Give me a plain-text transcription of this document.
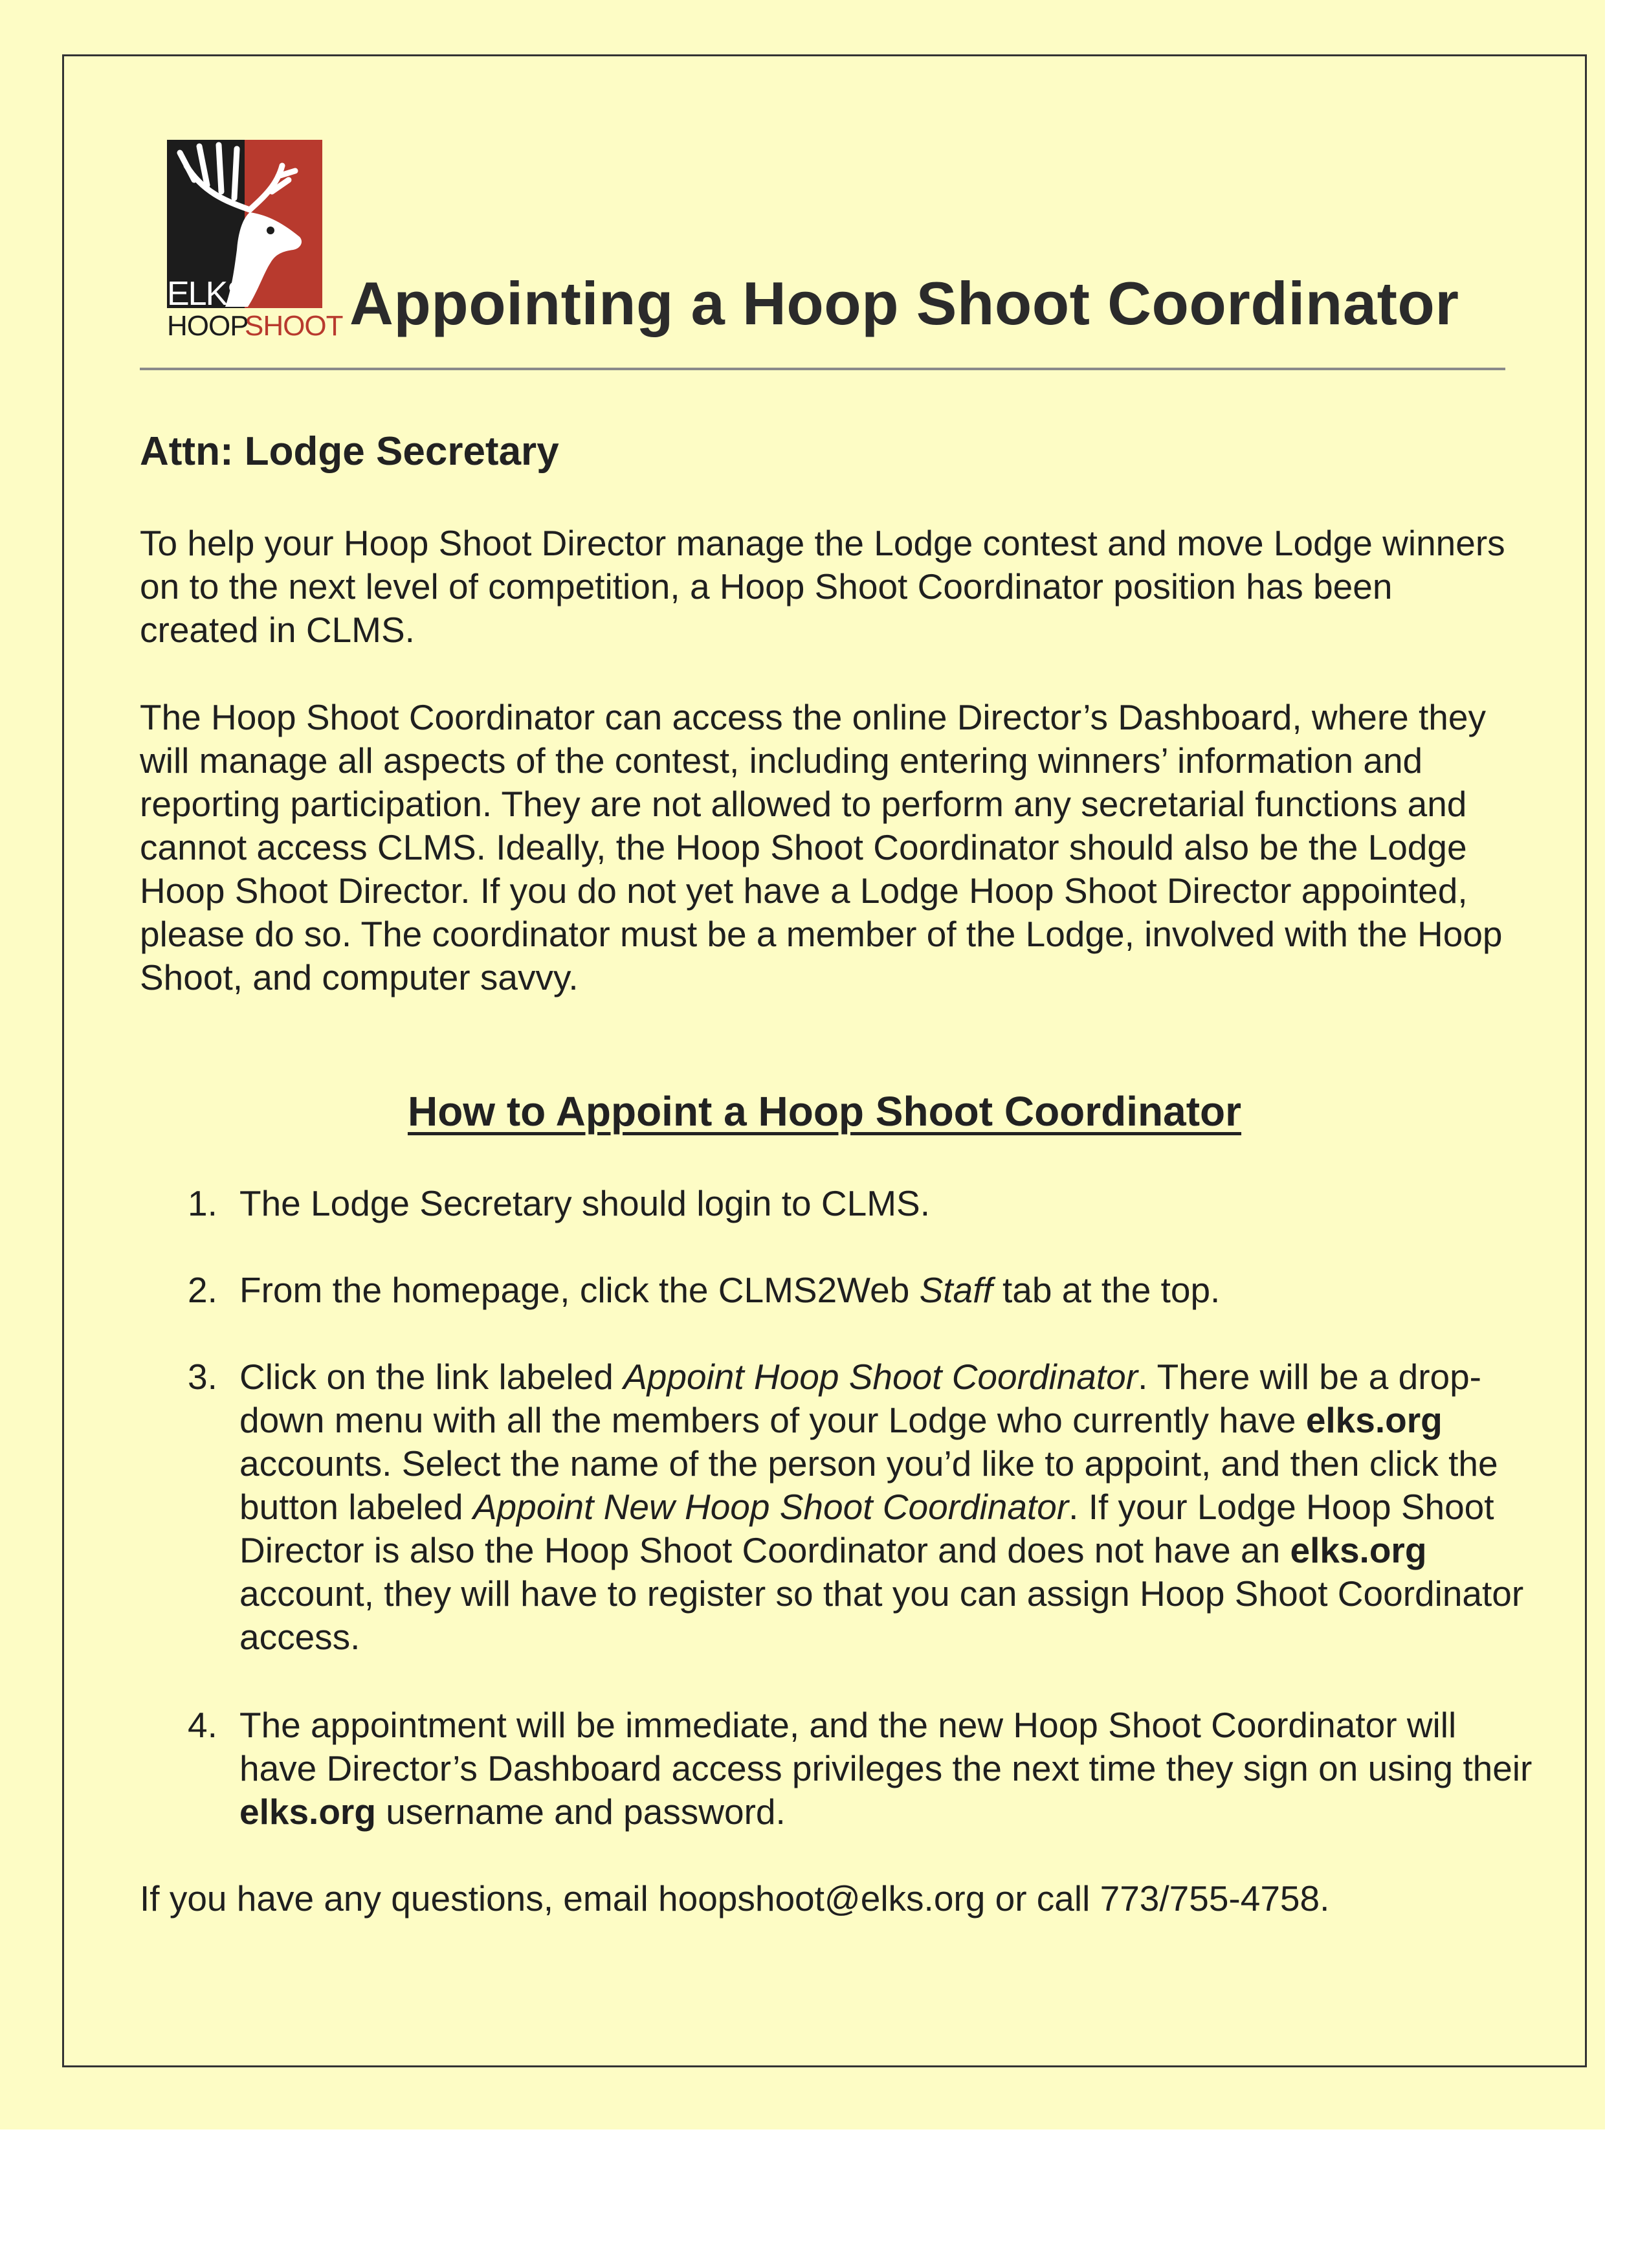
ELKS
HOOP
SHOOT Appointing a Hoop Shoot Coordinator
Attn: Lodge Secretary

To help your Hoop Shoot Director manage the Lodge contest and move Lodge winners on to the next level of competition, a Hoop Shoot Coordinator position has been created in CLMS.

The Hoop Shoot Coordinator can access the online Director’s Dashboard, where they will manage all aspects of the contest, including entering winners’ information and reporting participation. They are not allowed to perform any secretarial functions and cannot access CLMS. Ideally, the Hoop Shoot Coordinator should also be the Lodge Hoop Shoot Director. If you do not yet have a Lodge Hoop Shoot Director appointed, please do so. The coordinator must be a member of the Lodge, involved with the Hoop Shoot, and computer savvy.

How to Appoint a Hoop Shoot Coordinator
1. The Lodge Secretary should login to CLMS.

2. From the homepage, click the CLMS2Web Staff tab at the top.

3. Click on the link labeled Appoint Hoop Shoot Coordinator. There will be a drop-down menu with all the members of your Lodge who currently have elks.org accounts. Select the name of the person you’d like to appoint, and then click the button labeled Appoint New Hoop Shoot Coordinator. If your Lodge Hoop Shoot Director is also the Hoop Shoot Coordinator and does not have an elks.org account, they will have to register so that you can assign Hoop Shoot Coordinator access.

4. The appointment will be immediate, and the new Hoop Shoot Coordinator will have Director’s Dashboard access privileges the next time they sign on using their elks.org username and password.

If you have any questions, email hoopshoot@elks.org or call 773/755-4758.
